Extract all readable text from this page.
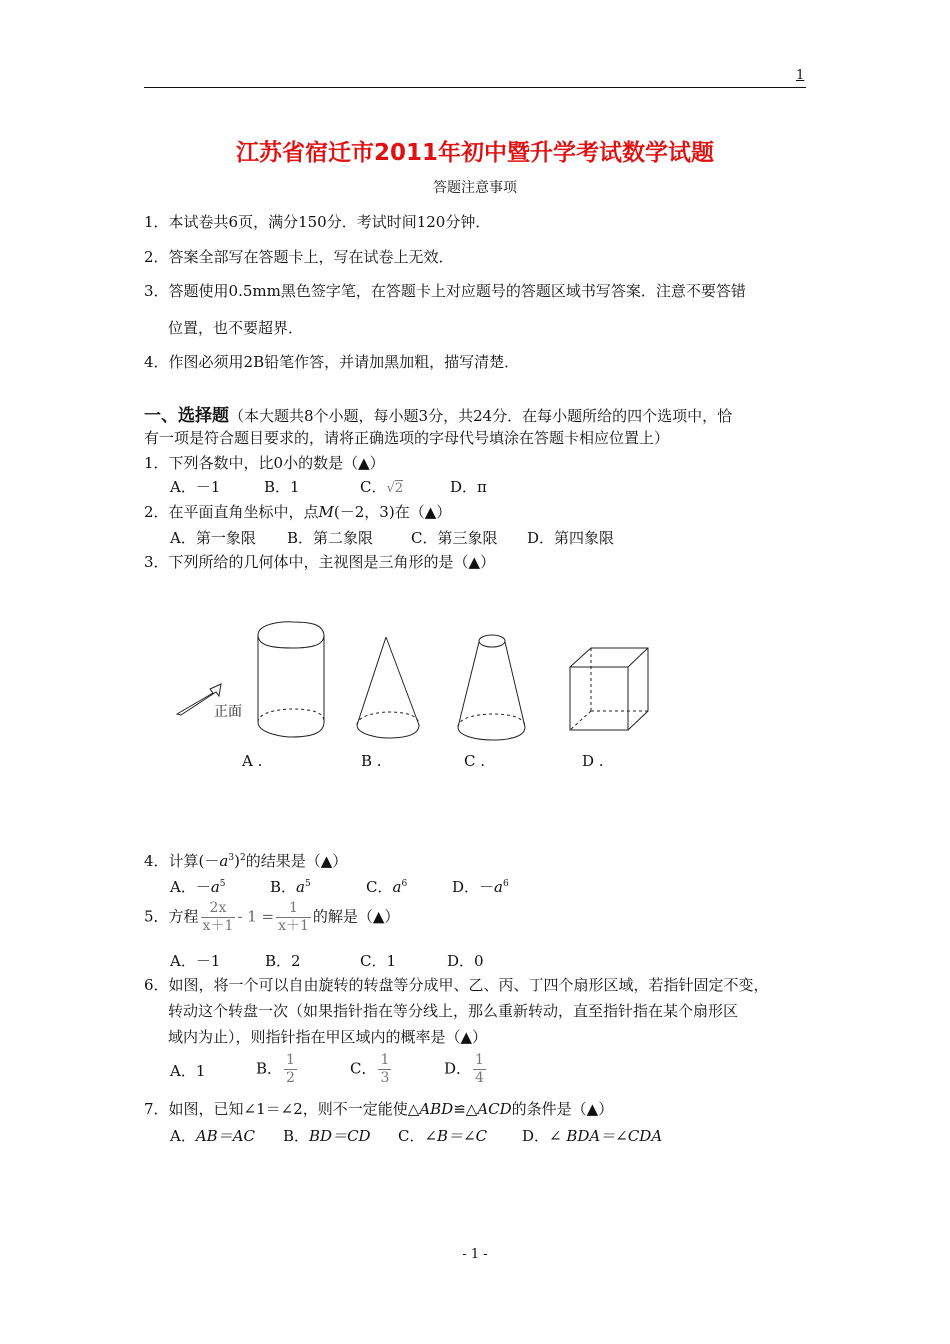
1
江苏省宿迁市2011年初中暨升学考试数学试题
答题注意事项
1．本试卷共6页，满分150分．考试时间120分钟．
2．答案全部写在答题卡上，写在试卷上无效．
3．答题使用0.5mm黑色签字笔，在答题卡上对应题号的答题区域书写答案．注意不要答错
位置，也不要超界．
4．作图必须用2B铅笔作答，并请加黑加粗，描写清楚．
一、选择题（本大题共8个小题，每小题3分，共24分．在每小题所给的四个选项中，恰
有一项是符合题目要求的，请将正确选项的字母代号填涂在答题卡相应位置上）
1．下列各数中，比0小的数是（▲）
A．－1	B．1	C．√2	D．π
2．在平面直角坐标中，点M(－2，3)在（▲）
A．第一象限 B．第二象限	C．第三象限 D．第四象限
3．下列所给的几何体中，主视图是三角形的是（▲）
正面
A .	B .	C .	D .
4．计算$(-a^3)^2$的结果是（▲）
A．$-a^5$	B．$a^5$	C．$a^6$	D．$-a^6$
5．方程 $\frac{2x}{x+1} - 1 = \frac{1}{x+1}$ 的解是（▲）
A．－1	B．2	C．1	D．0
6．如图，将一个可以自由旋转的转盘等分成甲、乙、丙、丁四个扇形区域，若指针固定不变，
转动这个转盘一次（如果指针指在等分线上，那么重新转动，直至指针指在某个扇形区
域内为止），则指针指在甲区域内的概率是（▲）
A．1	B． $\frac{1}{2}$	C． $\frac{1}{3}$	D． $\frac{1}{4}$
7．如图，已知∠1＝∠2，则不一定能使△ABD≌△ACD的条件是（▲）
A．AB＝AC B．BD＝CD C．∠B＝∠C D．∠ BDA＝∠CDA
- 1 -
